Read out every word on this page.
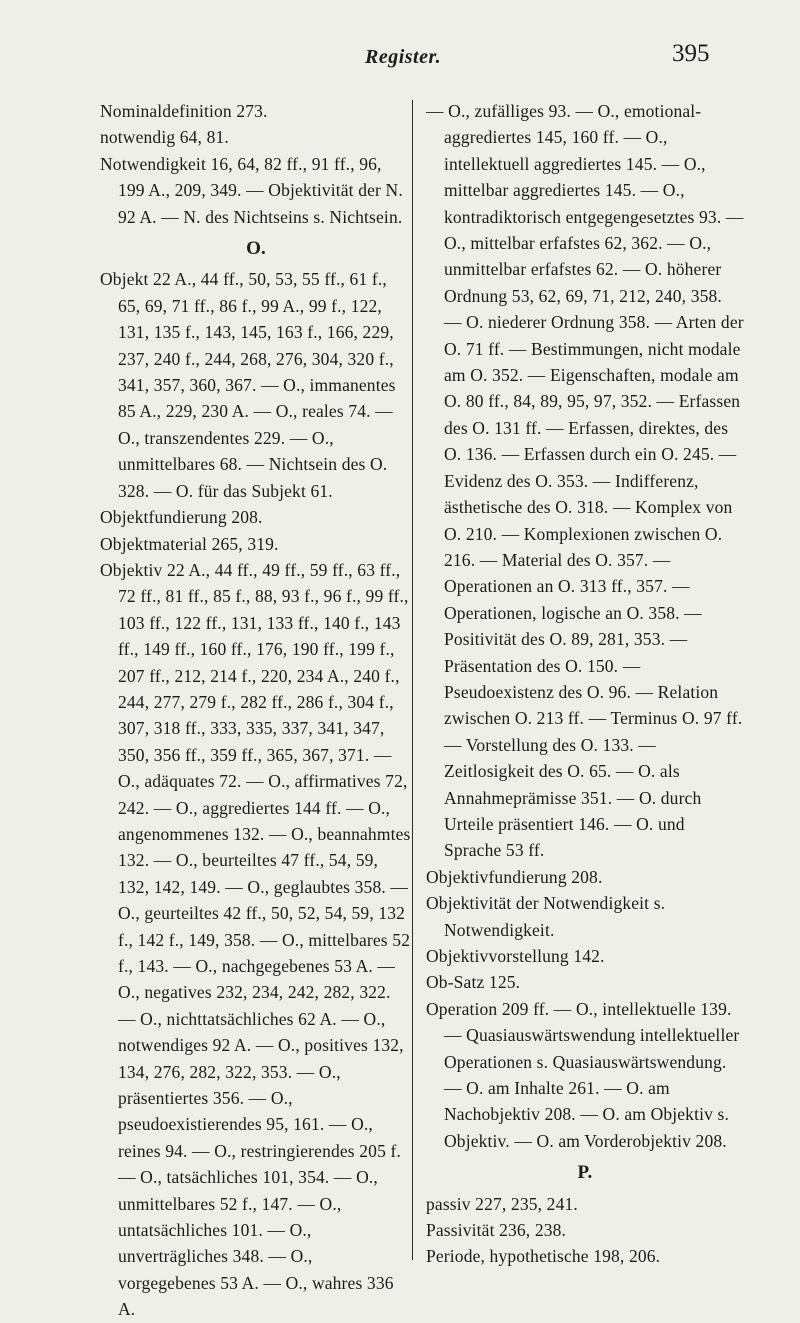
Register.	395

Nominaldefinition 273.

notwendig 64, 81.

Notwendigkeit 16, 64, 82 ff., 91 ff., 96, 199 A., 209, 349. — Objektivität der N. 92 A. — N. des Nichtseins s. Nichtsein.

O.

Objekt 22 A., 44 ff., 50, 53, 55 ff., 61 f., 65, 69, 71 ff., 86 f., 99 A., 99 f., 122, 131, 135 f., 143, 145, 163 f., 166, 229, 237, 240 f., 244, 268, 276, 304, 320 f., 341, 357, 360, 367. — O., immanentes 85 A., 229, 230 A. — O., reales 74. — O., transzendentes 229. — O., unmittelbares 68. — Nichtsein des O. 328. — O. für das Subjekt 61.

Objektfundierung 208.

Objektmaterial 265, 319.

Objektiv 22 A., 44 ff., 49 ff., 59 ff., 63 ff., 72 ff., 81 ff., 85 f., 88, 93 f., 96 f., 99 ff., 103 ff., 122 ff., 131, 133 ff., 140 f., 143 ff., 149 ff., 160 ff., 176, 190 ff., 199 f., 207 ff., 212, 214 f., 220, 234 A., 240 f., 244, 277, 279 f., 282 ff., 286 f., 304 f., 307, 318 ff., 333, 335, 337, 341, 347, 350, 356 ff., 359 ff., 365, 367, 371. — O., adäquates 72. — O., affirmatives 72, 242. — O., aggrediertes 144 ff. — O., angenommenes 132. — O., beannahmtes 132. — O., beurteiltes 47 ff., 54, 59, 132, 142, 149. — O., geglaubtes 358. — O., geurteiltes 42 ff., 50, 52, 54, 59, 132 f., 142 f., 149, 358. — O., mittelbares 52 f., 143. — O., nachgegebenes 53 A. — O., negatives 232, 234, 242, 282, 322. — O., nichttatsächliches 62 A. — O., notwendiges 92 A. — O., positives 132, 134, 276, 282, 322, 353. — O., präsentiertes 356. — O., pseudoexistierendes 95, 161. — O., reines 94. — O., restringierendes 205 f. — O., tatsächliches 101, 354. — O., unmittelbares 52 f., 147. — O., untatsächliches 101. — O., unverträgliches 348. — O., vorgegebenes 53 A. — O., wahres 336 A.

— O., zufälliges 93. — O., emotional-aggrediertes 145, 160 ff. — O., intellektuell aggrediertes 145. — O., mittelbar aggrediertes 145. — O., kontradiktorisch entgegengesetztes 93. — O., mittelbar erfafstes 62, 362. — O., unmittelbar erfafstes 62. — O. höherer Ordnung 53, 62, 69, 71, 212, 240, 358. — O. niederer Ordnung 358. — Arten der O. 71 ff. — Bestimmungen, nicht modale am O. 352. — Eigenschaften, modale am O. 80 ff., 84, 89, 95, 97, 352. — Erfassen des O. 131 ff. — Erfassen, direktes, des O. 136. — Erfassen durch ein O. 245. — Evidenz des O. 353. — Indifferenz, ästhetische des O. 318. — Komplex von O. 210. — Komplexionen zwischen O. 216. — Material des O. 357. — Operationen an O. 313 ff., 357. — Operationen, logische an O. 358. — Positivität des O. 89, 281, 353. — Präsentation des O. 150. — Pseudoexistenz des O. 96. — Relation zwischen O. 213 ff. — Terminus O. 97 ff. — Vorstellung des O. 133. — Zeitlosigkeit des O. 65. — O. als Annahmeprämisse 351. — O. durch Urteile präsentiert 146. — O. und Sprache 53 ff.

Objektivfundierung 208.

Objektivität der Notwendigkeit s. Notwendigkeit.

Objektivvorstellung 142.

Ob-Satz 125.

Operation 209 ff. — O., intellektuelle 139. — Quasiauswärtswendung intellektueller Operationen s. Quasiauswärtswendung. — O. am Inhalte 261. — O. am Nachobjektiv 208. — O. am Objektiv s. Objektiv. — O. am Vorderobjektiv 208.

P.

passiv 227, 235, 241.

Passivität 236, 238.

Periode, hypothetische 198, 206.
